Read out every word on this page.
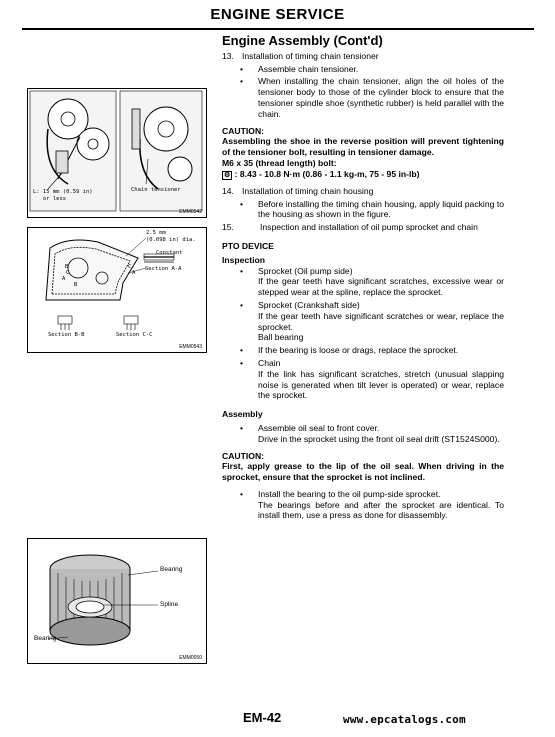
ENGINE SERVICE
L: 15 mm (0.59 in)
or less
Chain tensioner
EMM0542
2.5 mm
(0.098 in) dia.
Constant
Section A-A
Section B-B	Section C-C
B
C
A
C
A
B
EMM0543
Bearing
Spline
Bearing
EMM0050
Engine Assembly (Cont'd)
13. Installation of timing chain tensioner
•	Assemble chain tensioner.
•	When installing the chain tensioner, align the oil holes of the tensioner body to those of the cylinder block to ensure that the tensioner spindle shoe (synthetic rubber) is held parallel with the chain.
CAUTION:
Assembling the shoe in the reverse position will prevent tightening of the tensioner bolt, resulting in tensioner damage.
M6 x 35 (thread length) bolt:
⚙ : 8.43 - 10.8 N·m (0.86 - 1.1 kg-m, 75 - 95 in-lb)
14. Installation of timing chain housing
•	Before installing the timing chain housing, apply liquid packing to the housing as shown in the figure.
15.	Inspection and installation of oil pump sprocket and chain
PTO DEVICE
Inspection
•	Sprocket (Oil pump side)
If the gear teeth have significant scratches, excessive wear or stepped wear at the spline, replace the sprocket.
•	Sprocket (Crankshaft side)
If the gear teeth have significant scratches or wear, replace the sprocket.
Ball bearing
•	If the bearing is loose or drags, replace the sprocket.
•	Chain
If the link has significant scratches, stretch (unusual slapping noise is generated when tilt lever is operated) or wear, replace the sprocket.
Assembly
•	Assemble oil seal to front cover.
Drive in the sprocket using the front oil seal drift (ST1524S000).
CAUTION:
First, apply grease to the lip of the oil seal. When driving in the sprocket, ensure that the sprocket is not inclined.
•	Install the bearing to the oil pump-side sprocket.
The bearings before and after the sprocket are identical. To install them, use a press as done for disassembly.
EM-42	www.epcatalogs.com
